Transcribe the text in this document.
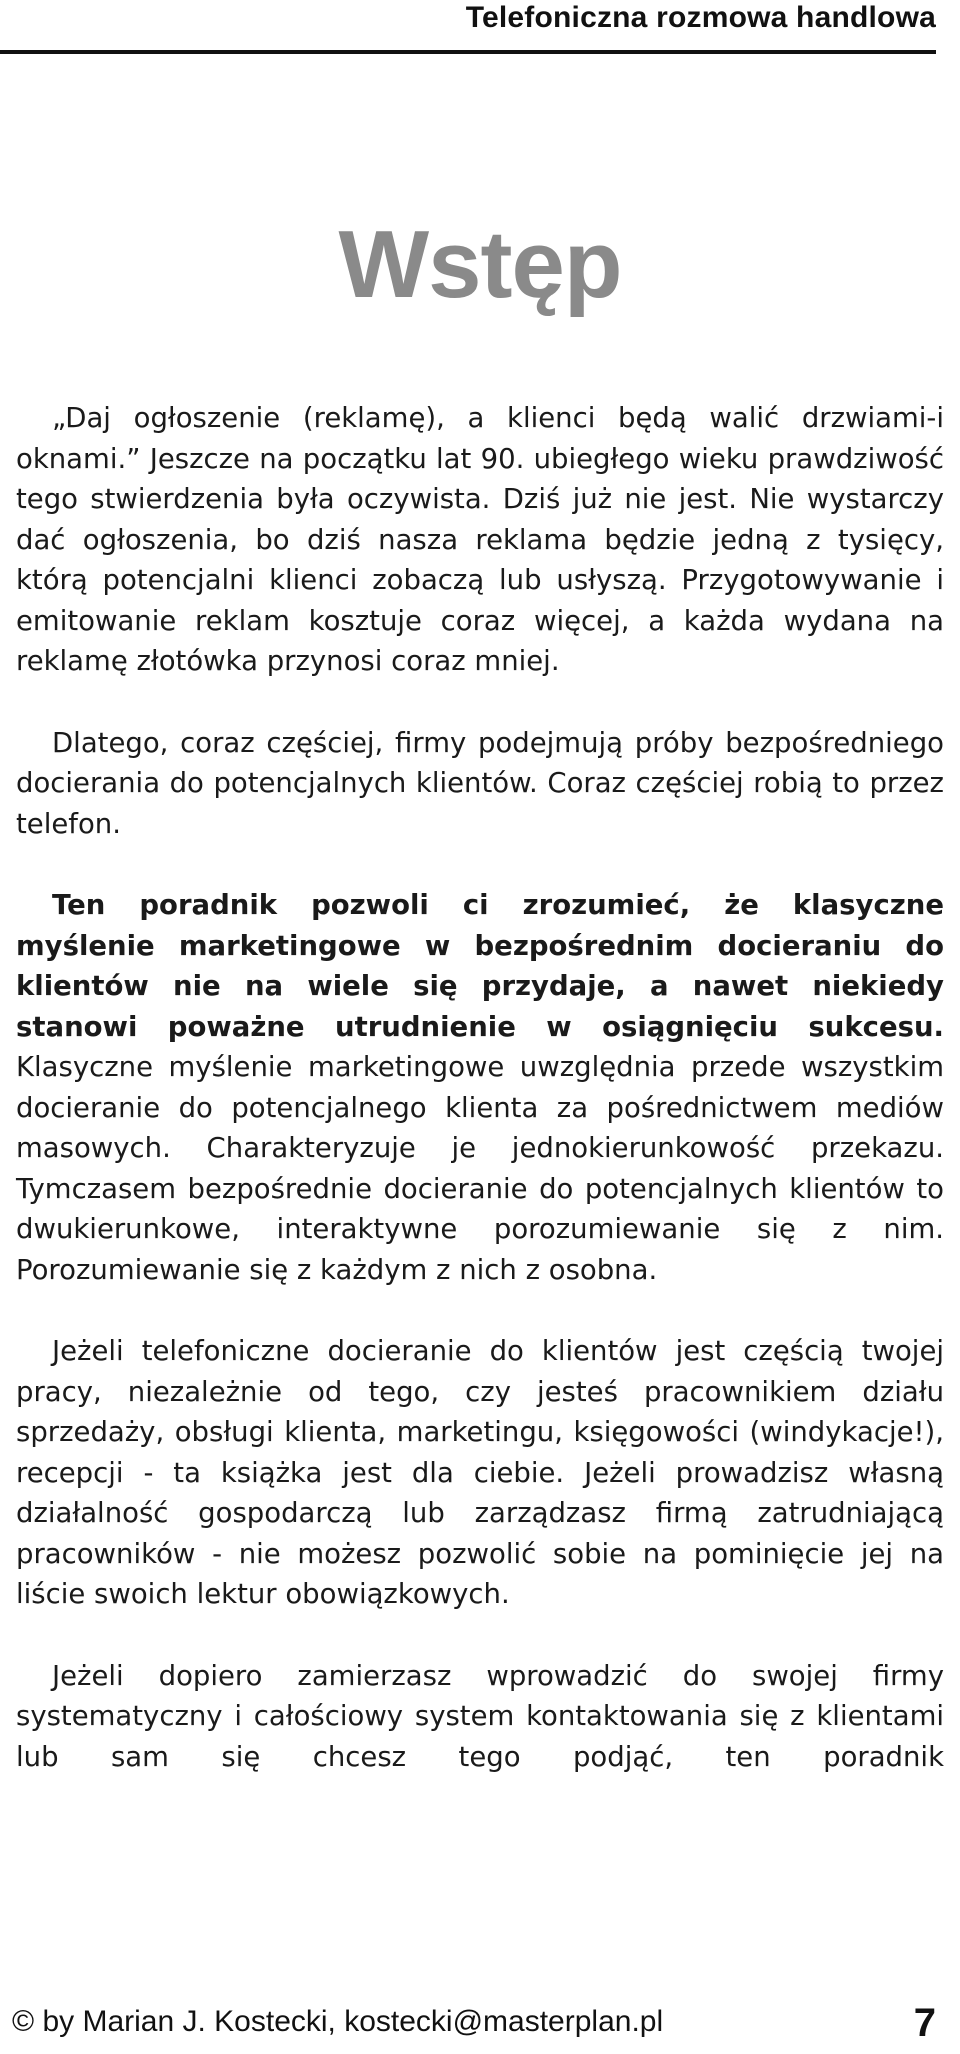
Telefoniczna rozmowa handlowa
Wstęp

„Daj ogłoszenie (reklamę), a klienci będą walić drzwiami-i oknami.” Jeszcze na początku lat 90. ubiegłego wieku prawdziwość tego stwierdzenia była oczywista. Dziś już nie jest. Nie wystarczy dać ogłoszenia, bo dziś nasza reklama będzie jedną z tysięcy, którą potencjalni klienci zobaczą lub usłyszą. Przygotowywanie i emitowanie reklam kosztuje coraz więcej, a każda wydana na reklamę złotówka przynosi coraz mniej.

Dlatego, coraz częściej, firmy podejmują próby bezpośredniego docierania do potencjalnych klientów. Coraz częściej robią to przez telefon.

Ten poradnik pozwoli ci zrozumieć, że klasyczne myślenie marketingowe w bezpośrednim docieraniu do klientów nie na wiele się przydaje, a nawet niekiedy stanowi poważne utrudnienie w osiągnięciu sukcesu. Klasyczne myślenie marketingowe uwzględnia przede wszystkim docieranie do potencjalnego klienta za pośrednictwem mediów masowych. Charakteryzuje je jednokierunkowość przekazu. Tymczasem bezpośrednie docieranie do potencjalnych klientów to dwukierunkowe, interaktywne porozumiewanie się z nim. Porozumiewanie się z każdym z nich z osobna.

Jeżeli telefoniczne docieranie do klientów jest częścią twojej pracy, niezależnie od tego, czy jesteś pracownikiem działu sprzedaży, obsługi klienta, marketingu, księgowości (windykacje!), recepcji - ta książka jest dla ciebie. Jeżeli prowadzisz własną działalność gospodarczą lub zarządzasz firmą zatrudniającą pracowników - nie możesz pozwolić sobie na pominięcie jej na liście swoich lektur obowiązkowych.

Jeżeli dopiero zamierzasz wprowadzić do swojej firmy systematyczny i całościowy system kontaktowania się z klientami lub sam się chcesz tego podjąć, ten poradnik

© by Marian J. Kostecki, kostecki@masterplan.pl	7
